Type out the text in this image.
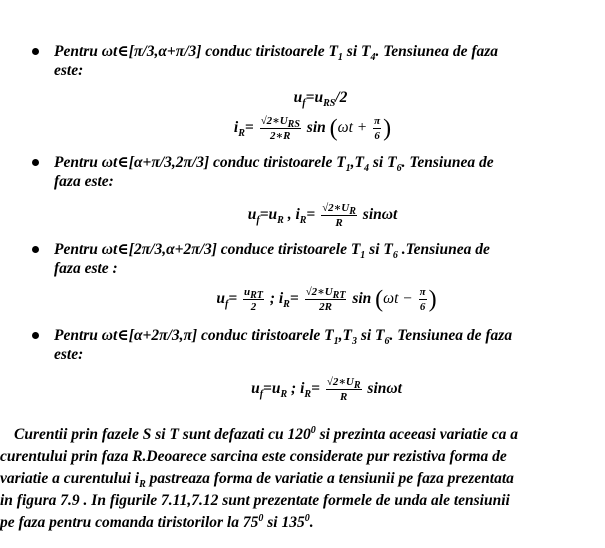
Pentru ωt∈[π/3,α+π/3] conduc tiristoarele $T_1$ si $T_4$. Tensiunea de faza
este:
$u_f=u_{RS}/2$
$i_R= \frac{√2∗U_{RS}}{2∗R}$ $\sin (\omega t + \frac{\pi}{6}$ )
Pentru ωt∈[α+π/3,2π/3] conduc tiristoarele $T_1,T_4$ si $T_6$. Tensiunea de
faza este:
$u_f=u_R$ , $i_R= \frac{√2∗U_R}{R}$ sinωt
Pentru ωt∈[2π/3,α+2π/3] conduce tiristoarele $T_1$ si $T_6$ .Tensiunea de
faza este :
$u_f= \frac{u_{RT}}{2}$ ; $i_R= \frac{√2∗U_{RT}}{2R}$ $\sin (\omega t - \frac{\pi}{6}$ )
Pentru ωt∈[α+2π/3,π] conduc tiristoarele $T_1,T_3$ si $T_6$. Tensiunea de faza
este:
$u_f=u_R$ ; $i_R= \frac{√2∗U_R}{R}$ sinωt

Curentii prin fazele S si T sunt defazati cu $120^0$ si prezinta aceeasi variatie ca a

curentului prin faza R.Deoarece sarcina este considerate pur rezistiva forma de

variatie a curentului $i_R$ pastreaza forma de variatie a tensiunii pe faza prezentata

in figura 7.9 . In figurile 7.11,7.12 sunt prezentate formele de unda ale tensiunii

pe faza pentru comanda tiristorilor la $75^0$ si $135^0$.
